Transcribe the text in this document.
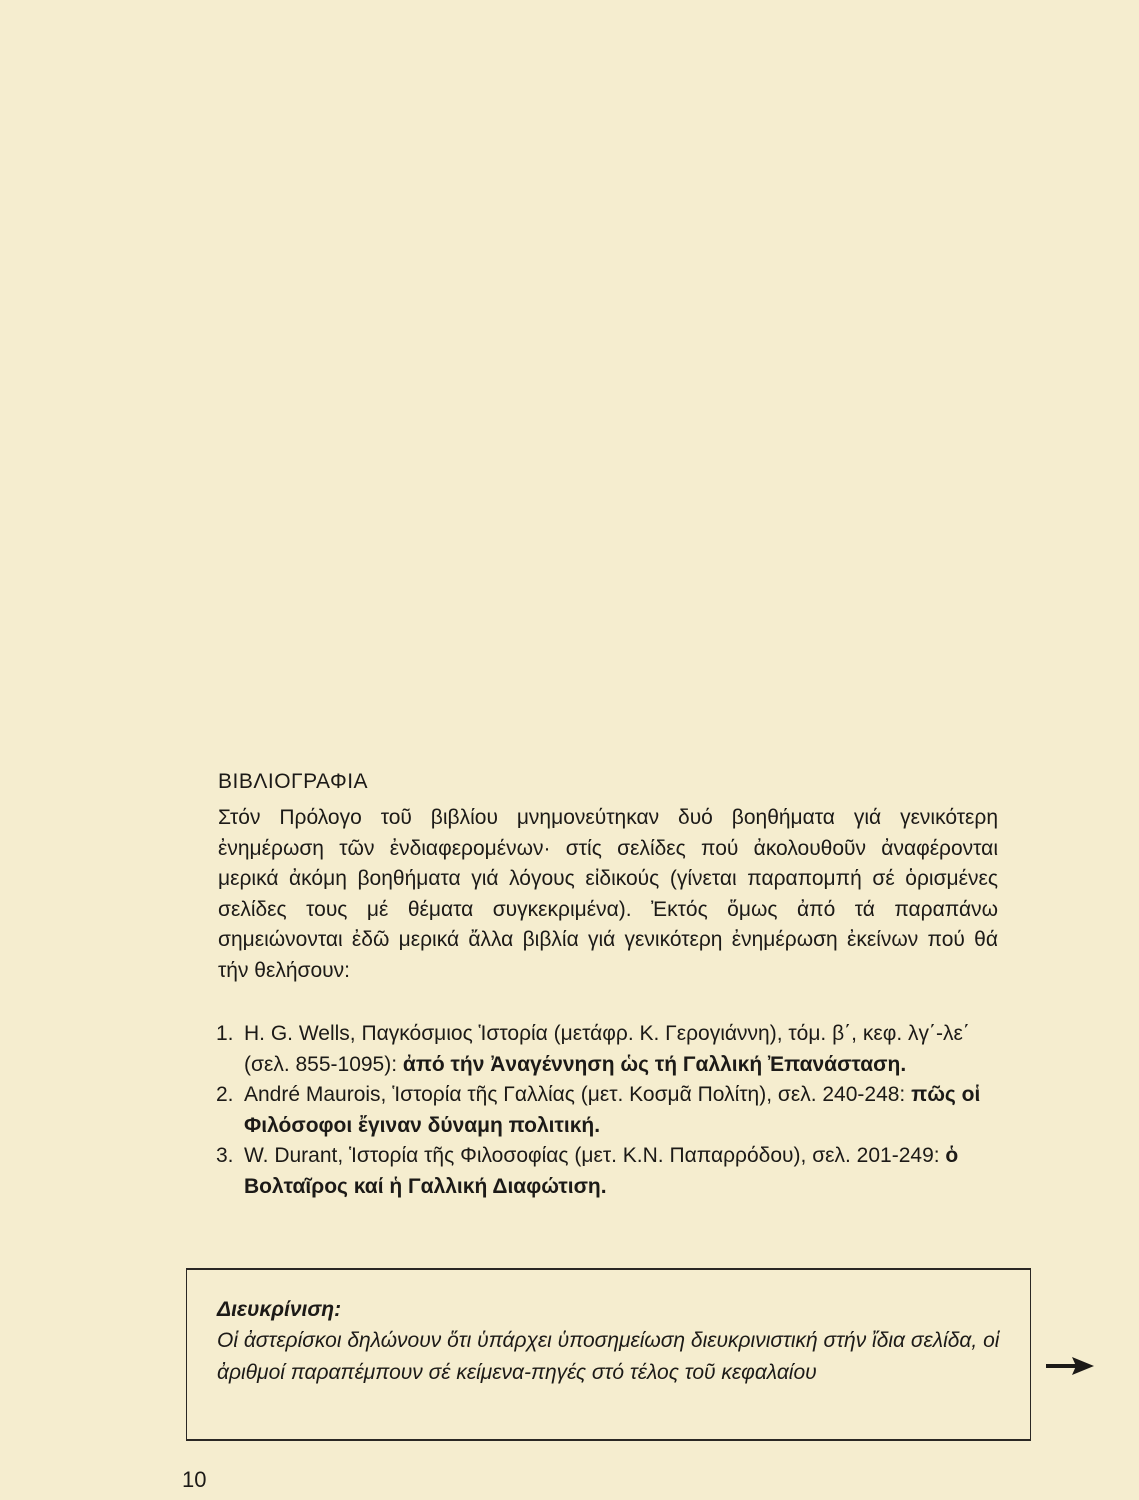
ΒΙΒΛΙΟΓΡΑΦΙΑ

Στόν Πρόλογο τοῦ βιβλίου μνημονεύτηκαν δυό βοηθήματα γιά γενικότερη ἐνημέρωση τῶν ἐνδιαφερομένων· στίς σελίδες πού ἀκολουθοῦν ἀναφέρονται μερικά ἀκόμη βοηθήματα γιά λόγους εἰδικούς (γίνεται παραπομπή σέ ὁρισμένες σελίδες τους μέ θέματα συγκεκριμένα). Ἐκτός ὅμως ἀπό τά παραπάνω σημειώνονται ἐδῶ μερικά ἄλλα βιβλία γιά γενικότερη ἐνημέρωση ἐκείνων πού θά τήν θελήσουν:

1. H. G. Wells, Παγκόσμιος Ἱστορία (μετάφρ. Κ. Γερογιάννη), τόμ. β΄, κεφ. λγ΄-λε΄ (σελ. 855-1095): ἀπό τήν Ἀναγέννηση ὡς τή Γαλλική Ἐπανάσταση.
2. André Maurois, Ἱστορία τῆς Γαλλίας (μετ. Κοσμᾶ Πολίτη), σελ. 240-248: πῶς οἱ Φιλόσοφοι ἔγιναν δύναμη πολιτική.
3. W. Durant, Ἱστορία τῆς Φιλοσοφίας (μετ. Κ.Ν. Παπαρρόδου), σελ. 201-249: ὁ Βολταῖρος καί ἡ Γαλλική Διαφώτιση.
Διευκρίνιση:
Οἱ ἀστερίσκοι δηλώνουν ὅτι ὑπάρχει ὑποσημείωση διευκρινιστική στήν ἴδια σελίδα, οἱ ἀριθμοί παραπέμπουν σέ κείμενα-πηγές στό τέλος τοῦ κεφαλαίου
10
